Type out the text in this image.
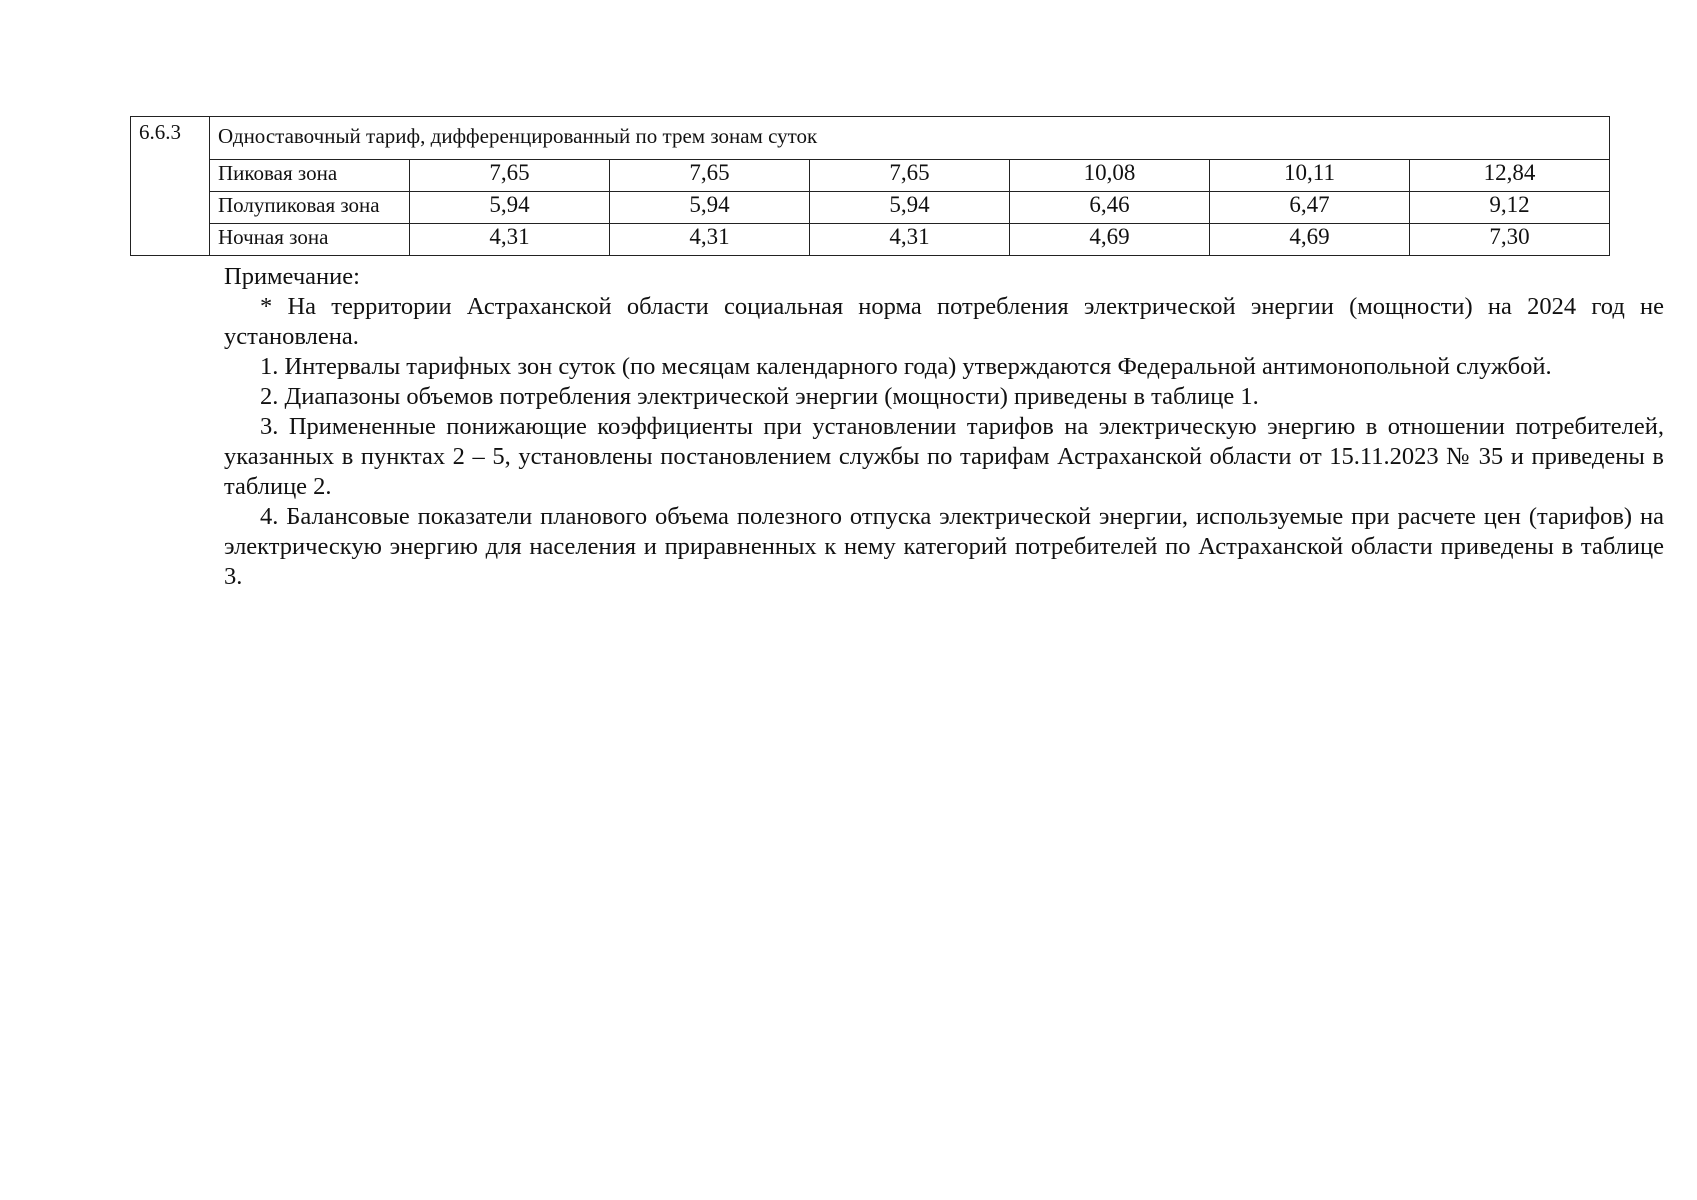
6.6.3	Одноставочный тариф, дифференцированный по трем зонам суток						
	Пиковая зона	7,65	7,65	7,65	10,08	10,11	12,84
	Полупиковая зона	5,94	5,94	5,94	6,46	6,47	9,12
	Ночная зона	4,31	4,31	4,31	4,69	4,69	7,30
Примечание:

* На территории Астраханской области социальная норма потребления электрической энергии (мощности) на 2024 год не установлена.

1. Интервалы тарифных зон суток (по месяцам календарного года) утверждаются Федеральной антимонопольной службой.

2. Диапазоны объемов потребления электрической энергии (мощности) приведены в таблице 1.

3. Примененные понижающие коэффициенты при установлении тарифов на электрическую энергию в отношении потребителей, указанных в пунктах 2 – 5, установлены постановлением службы по тарифам Астраханской области от 15.11.2023 № 35 и приведены в таблице 2.

4. Балансовые показатели планового объема полезного отпуска электрической энергии, используемые при расчете цен (тарифов) на электрическую энергию для населения и приравненных к нему категорий потребителей по Астраханской области приведены в таблице 3.
